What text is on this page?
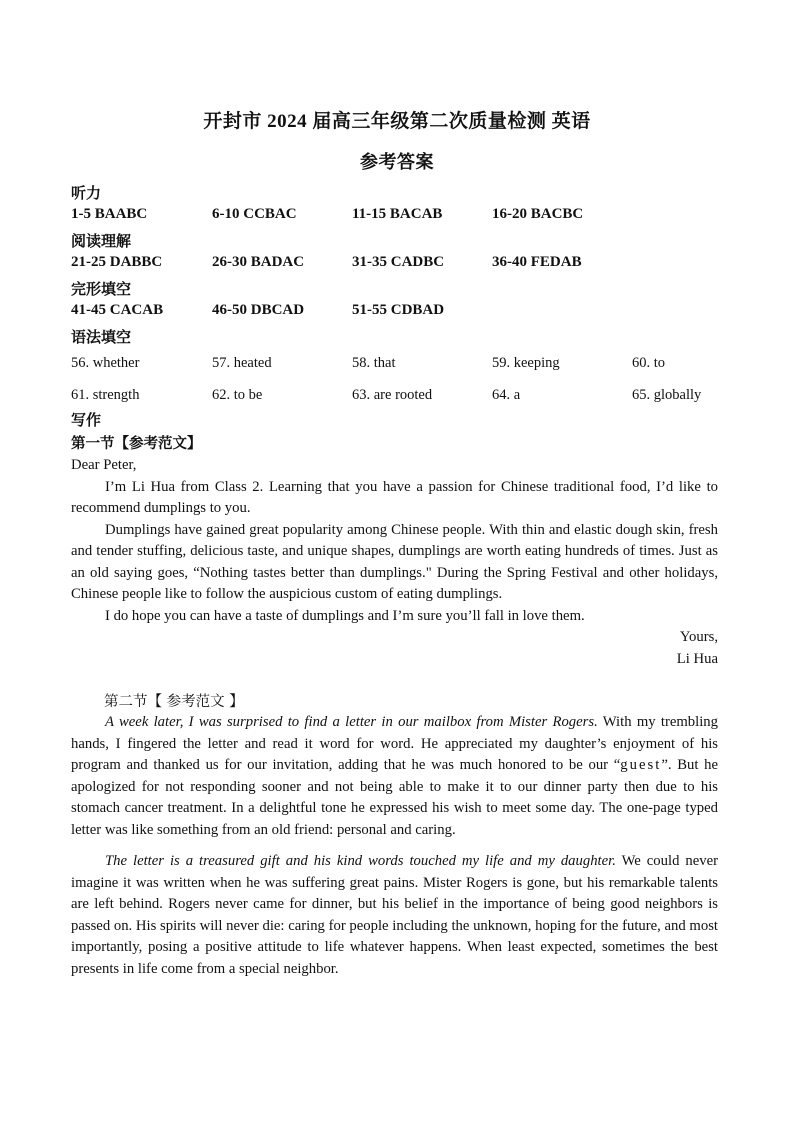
开封市 2024 届高三年级第二次质量检测 英语
参考答案
听力
1-5 BAABC	6-10 CCBAC	11-15 BACAB	16-20 BACBC
阅读理解
21-25 DABBC	26-30 BADAC	31-35 CADBC	36-40 FEDAB
完形填空
41-45 CACAB	46-50 DBCAD	51-55 CDBAD
语法填空
56. whether	57. heated	58. that	59. keeping	60. to
61. strength	62. to be	63. are rooted	64. a	65. globally
写作
第一节【参考范文】

Dear Peter,

I’m Li Hua from Class 2. Learning that you have a passion for Chinese traditional food, I’d like to recommend dumplings to you.

Dumplings have gained great popularity among Chinese people. With thin and elastic dough skin, fresh and tender stuffing, delicious taste, and unique shapes, dumplings are worth eating hundreds of times. Just as an old saying goes, “Nothing tastes better than dumplings." During the Spring Festival and other holidays, Chinese people like to follow the auspicious custom of eating dumplings.

I do hope you can have a taste of dumplings and I’m sure you’ll fall in love them.

Yours,

Li Hua

第二节【 参考范文 】

A week later, I was surprised to find a letter in our mailbox from Mister Rogers. With my trembling hands, I fingered the letter and read it word for word. He appreciated my daughter’s enjoyment of his program and thanked us for our invitation, adding that he was much honored to be our “guest”. But he apologized for not responding sooner and not being able to make it to our dinner party then due to his stomach cancer treatment. In a delightful tone he expressed his wish to meet some day. The one-page typed letter was like something from an old friend: personal and caring.

The letter is a treasured gift and his kind words touched my life and my daughter. We could never imagine it was written when he was suffering great pains. Mister Rogers is gone, but his remarkable talents are left behind. Rogers never came for dinner, but his belief in the importance of being good neighbors is passed on. His spirits will never die: caring for people including the unknown, hoping for the future, and most importantly, posing a positive attitude to life whatever happens. When least expected, sometimes the best presents in life come from a special neighbor.
